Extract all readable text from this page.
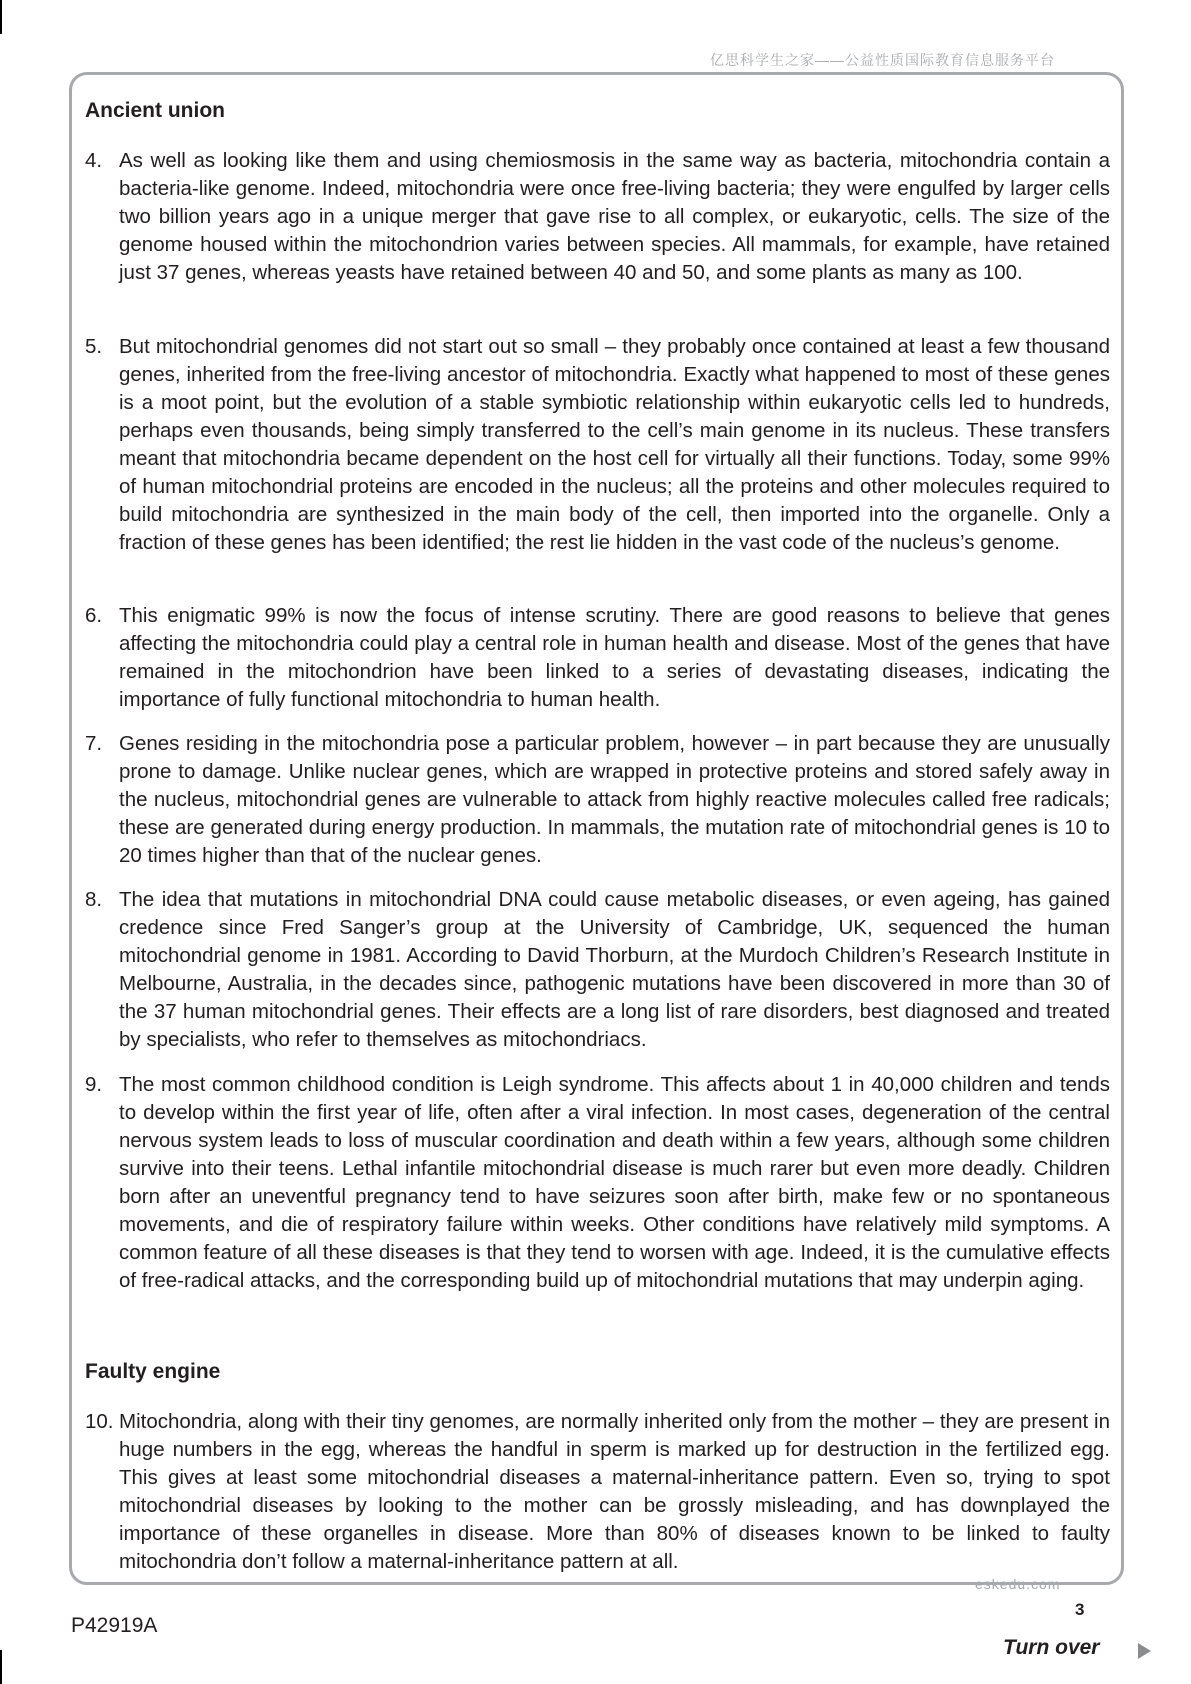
亿思科学生之家——公益性质国际教育信息服务平台
Ancient union
4. As well as looking like them and using chemiosmosis in the same way as bacteria, mitochondria contain a bacteria-like genome. Indeed, mitochondria were once free-living bacteria; they were engulfed by larger cells two billion years ago in a unique merger that gave rise to all complex, or eukaryotic, cells. The size of the genome housed within the mitochondrion varies between species. All mammals, for example, have retained just 37 genes, whereas yeasts have retained between 40 and 50, and some plants as many as 100.
5. But mitochondrial genomes did not start out so small – they probably once contained at least a few thousand genes, inherited from the free-living ancestor of mitochondria. Exactly what happened to most of these genes is a moot point, but the evolution of a stable symbiotic relationship within eukaryotic cells led to hundreds, perhaps even thousands, being simply transferred to the cell’s main genome in its nucleus. These transfers meant that mitochondria became dependent on the host cell for virtually all their functions. Today, some 99% of human mitochondrial proteins are encoded in the nucleus; all the proteins and other molecules required to build mitochondria are synthesized in the main body of the cell, then imported into the organelle. Only a fraction of these genes has been identified; the rest lie hidden in the vast code of the nucleus’s genome.
6. This enigmatic 99% is now the focus of intense scrutiny. There are good reasons to believe that genes affecting the mitochondria could play a central role in human health and disease. Most of the genes that have remained in the mitochondrion have been linked to a series of devastating diseases, indicating the importance of fully functional mitochondria to human health.
7. Genes residing in the mitochondria pose a particular problem, however – in part because they are unusually prone to damage. Unlike nuclear genes, which are wrapped in protective proteins and stored safely away in the nucleus, mitochondrial genes are vulnerable to attack from highly reactive molecules called free radicals; these are generated during energy production. In mammals, the mutation rate of mitochondrial genes is 10 to 20 times higher than that of the nuclear genes.
8. The idea that mutations in mitochondrial DNA could cause metabolic diseases, or even ageing, has gained credence since Fred Sanger’s group at the University of Cambridge, UK, sequenced the human mitochondrial genome in 1981. According to David Thorburn, at the Murdoch Children’s Research Institute in Melbourne, Australia, in the decades since, pathogenic mutations have been discovered in more than 30 of the 37 human mitochondrial genes. Their effects are a long list of rare disorders, best diagnosed and treated by specialists, who refer to themselves as mitochondriacs.
9. The most common childhood condition is Leigh syndrome. This affects about 1 in 40,000 children and tends to develop within the first year of life, often after a viral infection. In most cases, degeneration of the central nervous system leads to loss of muscular coordination and death within a few years, although some children survive into their teens. Lethal infantile mitochondrial disease is much rarer but even more deadly. Children born after an uneventful pregnancy tend to have seizures soon after birth, make few or no spontaneous movements, and die of respiratory failure within weeks. Other conditions have relatively mild symptoms. A common feature of all these diseases is that they tend to worsen with age. Indeed, it is the cumulative effects of free-radical attacks, and the corresponding build up of mitochondrial mutations that may underpin aging.
Faulty engine
10. Mitochondria, along with their tiny genomes, are normally inherited only from the mother – they are present in huge numbers in the egg, whereas the handful in sperm is marked up for destruction in the fertilized egg. This gives at least some mitochondrial diseases a maternal-inheritance pattern. Even so, trying to spot mitochondrial diseases by looking to the mother can be grossly misleading, and has downplayed the importance of these organelles in disease. More than 80% of diseases known to be linked to faulty mitochondria don’t follow a maternal-inheritance pattern at all.
eskedu.com
3
P42919A
Turn over
